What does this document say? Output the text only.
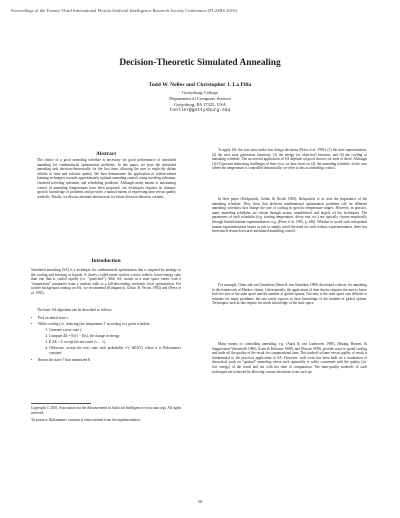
Proceedings of the Twenty-Third International Florida Artificial Intelligence Research Society Conference (FLAIRS 2010)
Decision-Theoretic Simulated Annealing
Todd W. Neller and Christopher J. La Pilla
Gettysburg College
Department of Computer Science
Gettysburg, PA 17325, USA
tneller@gettysburg.edu
Abstract
The choice of a good annealing schedule is necessary for good performance of simulated annealing for combinatorial optimization problems. In this paper, we pose the simulated annealing task decision-theoretically for the first time, allowing the user to explicitly define utilities of time and solution quality. We then demonstrate the application of reinforcement learning techniques towards approximately optimal annealing control, using traveling salesman, clustered traveling salesman, and scheduling problems. Although many means of automating control of annealing temperatures have been proposed, our techniques requires no domain-specific knowledge of problems and provides a natural means of expressing time versus quality tradeoffs. Finally, we discuss alternate abstractions for future decision-theoretic variants.
Introduction
Simulated annealing (SA) is a technique for combinatorial optimization that is inspired by analogy to the cooling and freezing of liquids. A slowly cooled metal reaches a more orderly, lower-energy state than one that is cooled rapidly (i.e. "quenched"). With SA, search in a state space varies with a "temperature" parameter from a random walk to a hill-descending stochastic local optimization. For further background reading on SA, we recommend (Kirkpatrick, Gelatt, & Vecchi 1983) and (Press et al. 1992).
The basic SA algorithm can be described as follows:
• Pick an initial state s.
• While cooling (i.e. reducing) the temperature T according to a given schedule:
1. Generate a next state s'.
2. Compute ΔE = E(s') − E(s), the change in energy.
3. If ΔE < 0, accept the next state (s ← s').
4. Otherwise, accept the next state with probability e^(−ΔE/kT), where k is Boltzmann's constant¹.
• Return the state s* that minimized E.
Copyright © 2010, Association for the Advancement of Artificial Intelligence (www.aaai.org). All rights reserved.
¹In practice, Boltzmann's constant is often omitted from the implementation.
To apply SA, the user must make four design decisions (Press et al. 1992): (1) the state representation, (2) the next state generation functions, (3) the energy (or objective) function, and (4) the cooling or annealing schedule. The successful application of SA depends on good choices for each of these. Although (1)-(3) present interesting challenges of their own, we here focus on (4), the annealing schedule. In the case where the temperature is controlled dynamically, we refer to this as annealing control.
In their paper (Kirkpatrick, Gelatt, & Vecchi 1983), Kirkpatrick et al. note the importance of the annealing schedule. They show that different combinatorial optimization problems call for different annealing schedules that change the rate of cooling in specific temperature ranges. However, in practice, many annealing schedules are chosen through arcane, unpublished, and largely ad hoc techniques. The parameters of such schedules (e.g. starting temperature, decay rate, etc.) are typically chosen empirically through limited human experimentation, e.g. (Press et al. 1992, p. 446). Whether to avoid such suboptimal human experimentation biases or just to simply avoid the need for such tedious experimentation, there has been much research towards automated annealing control.
For example, Otten and van Ginneken (Otten & van Ginneken 1989) developed a theory for annealing in the framework of Markov chains. Unfortunately, the application of their theory requires the user to know both the size of the state space and the number of global optima. Not only is the state space size difficult to estimate for many problems, but one rarely expects to have knowledge of the number of global optima. Techniques such as this require too much knowledge of the state space.
Many means of controlling annealing, e.g. (Aarts & van Laarhoven 1985), (Huang, Romeo, & Sangiovanni-Vincentelli 1986), (Lam & Delosme 1988), and (Boyan 1998), provide ways to speed cooling and trade off the quality of the result for computational time. This tradeoff of time versus quality of result is fundamental to the practical application of SA. However, such work has been built on a foundation of theoretical work on "optimal" annealing where such optimality is solely concerned with the quality (i.e. low energy) of the result and not with the time of computation. The time-quality tradeoffs of such techniques are achieved by allowing various deviations from such op-
50
